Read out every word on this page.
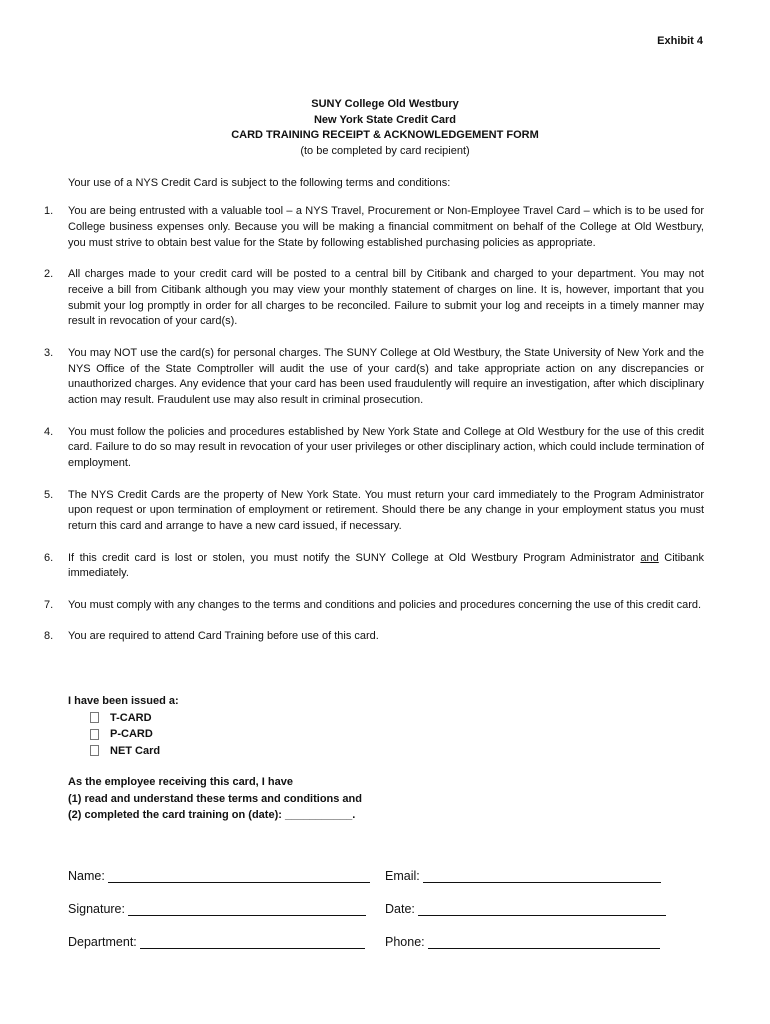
Exhibit 4
SUNY College Old Westbury
New York State Credit Card
CARD TRAINING RECEIPT & ACKNOWLEDGEMENT FORM
(to be completed by card recipient)
Your use of a NYS Credit Card is subject to the following terms and conditions:
1. You are being entrusted with a valuable tool – a NYS Travel, Procurement or Non-Employee Travel Card – which is to be used for College business expenses only. Because you will be making a financial commitment on behalf of the College at Old Westbury, you must strive to obtain best value for the State by following established purchasing policies as appropriate.
2. All charges made to your credit card will be posted to a central bill by Citibank and charged to your department. You may not receive a bill from Citibank although you may view your monthly statement of charges on line. It is, however, important that you submit your log promptly in order for all charges to be reconciled. Failure to submit your log and receipts in a timely manner may result in revocation of your card(s).
3. You may NOT use the card(s) for personal charges. The SUNY College at Old Westbury, the State University of New York and the NYS Office of the State Comptroller will audit the use of your card(s) and take appropriate action on any discrepancies or unauthorized charges. Any evidence that your card has been used fraudulently will require an investigation, after which disciplinary action may result. Fraudulent use may also result in criminal prosecution.
4. You must follow the policies and procedures established by New York State and College at Old Westbury for the use of this credit card. Failure to do so may result in revocation of your user privileges or other disciplinary action, which could include termination of employment.
5. The NYS Credit Cards are the property of New York State. You must return your card immediately to the Program Administrator upon request or upon termination of employment or retirement. Should there be any change in your employment status you must return this card and arrange to have a new card issued, if necessary.
6. If this credit card is lost or stolen, you must notify the SUNY College at Old Westbury Program Administrator and Citibank immediately.
7. You must comply with any changes to the terms and conditions and policies and procedures concerning the use of this credit card.
8. You are required to attend Card Training before use of this card.
I have been issued a:
T-CARD
P-CARD
NET Card
As the employee receiving this card, I have
(1) read and understand these terms and conditions and
(2) completed the card training on (date): ___________.
Name:	Email:
Signature:	Date:
Department:	Phone:
